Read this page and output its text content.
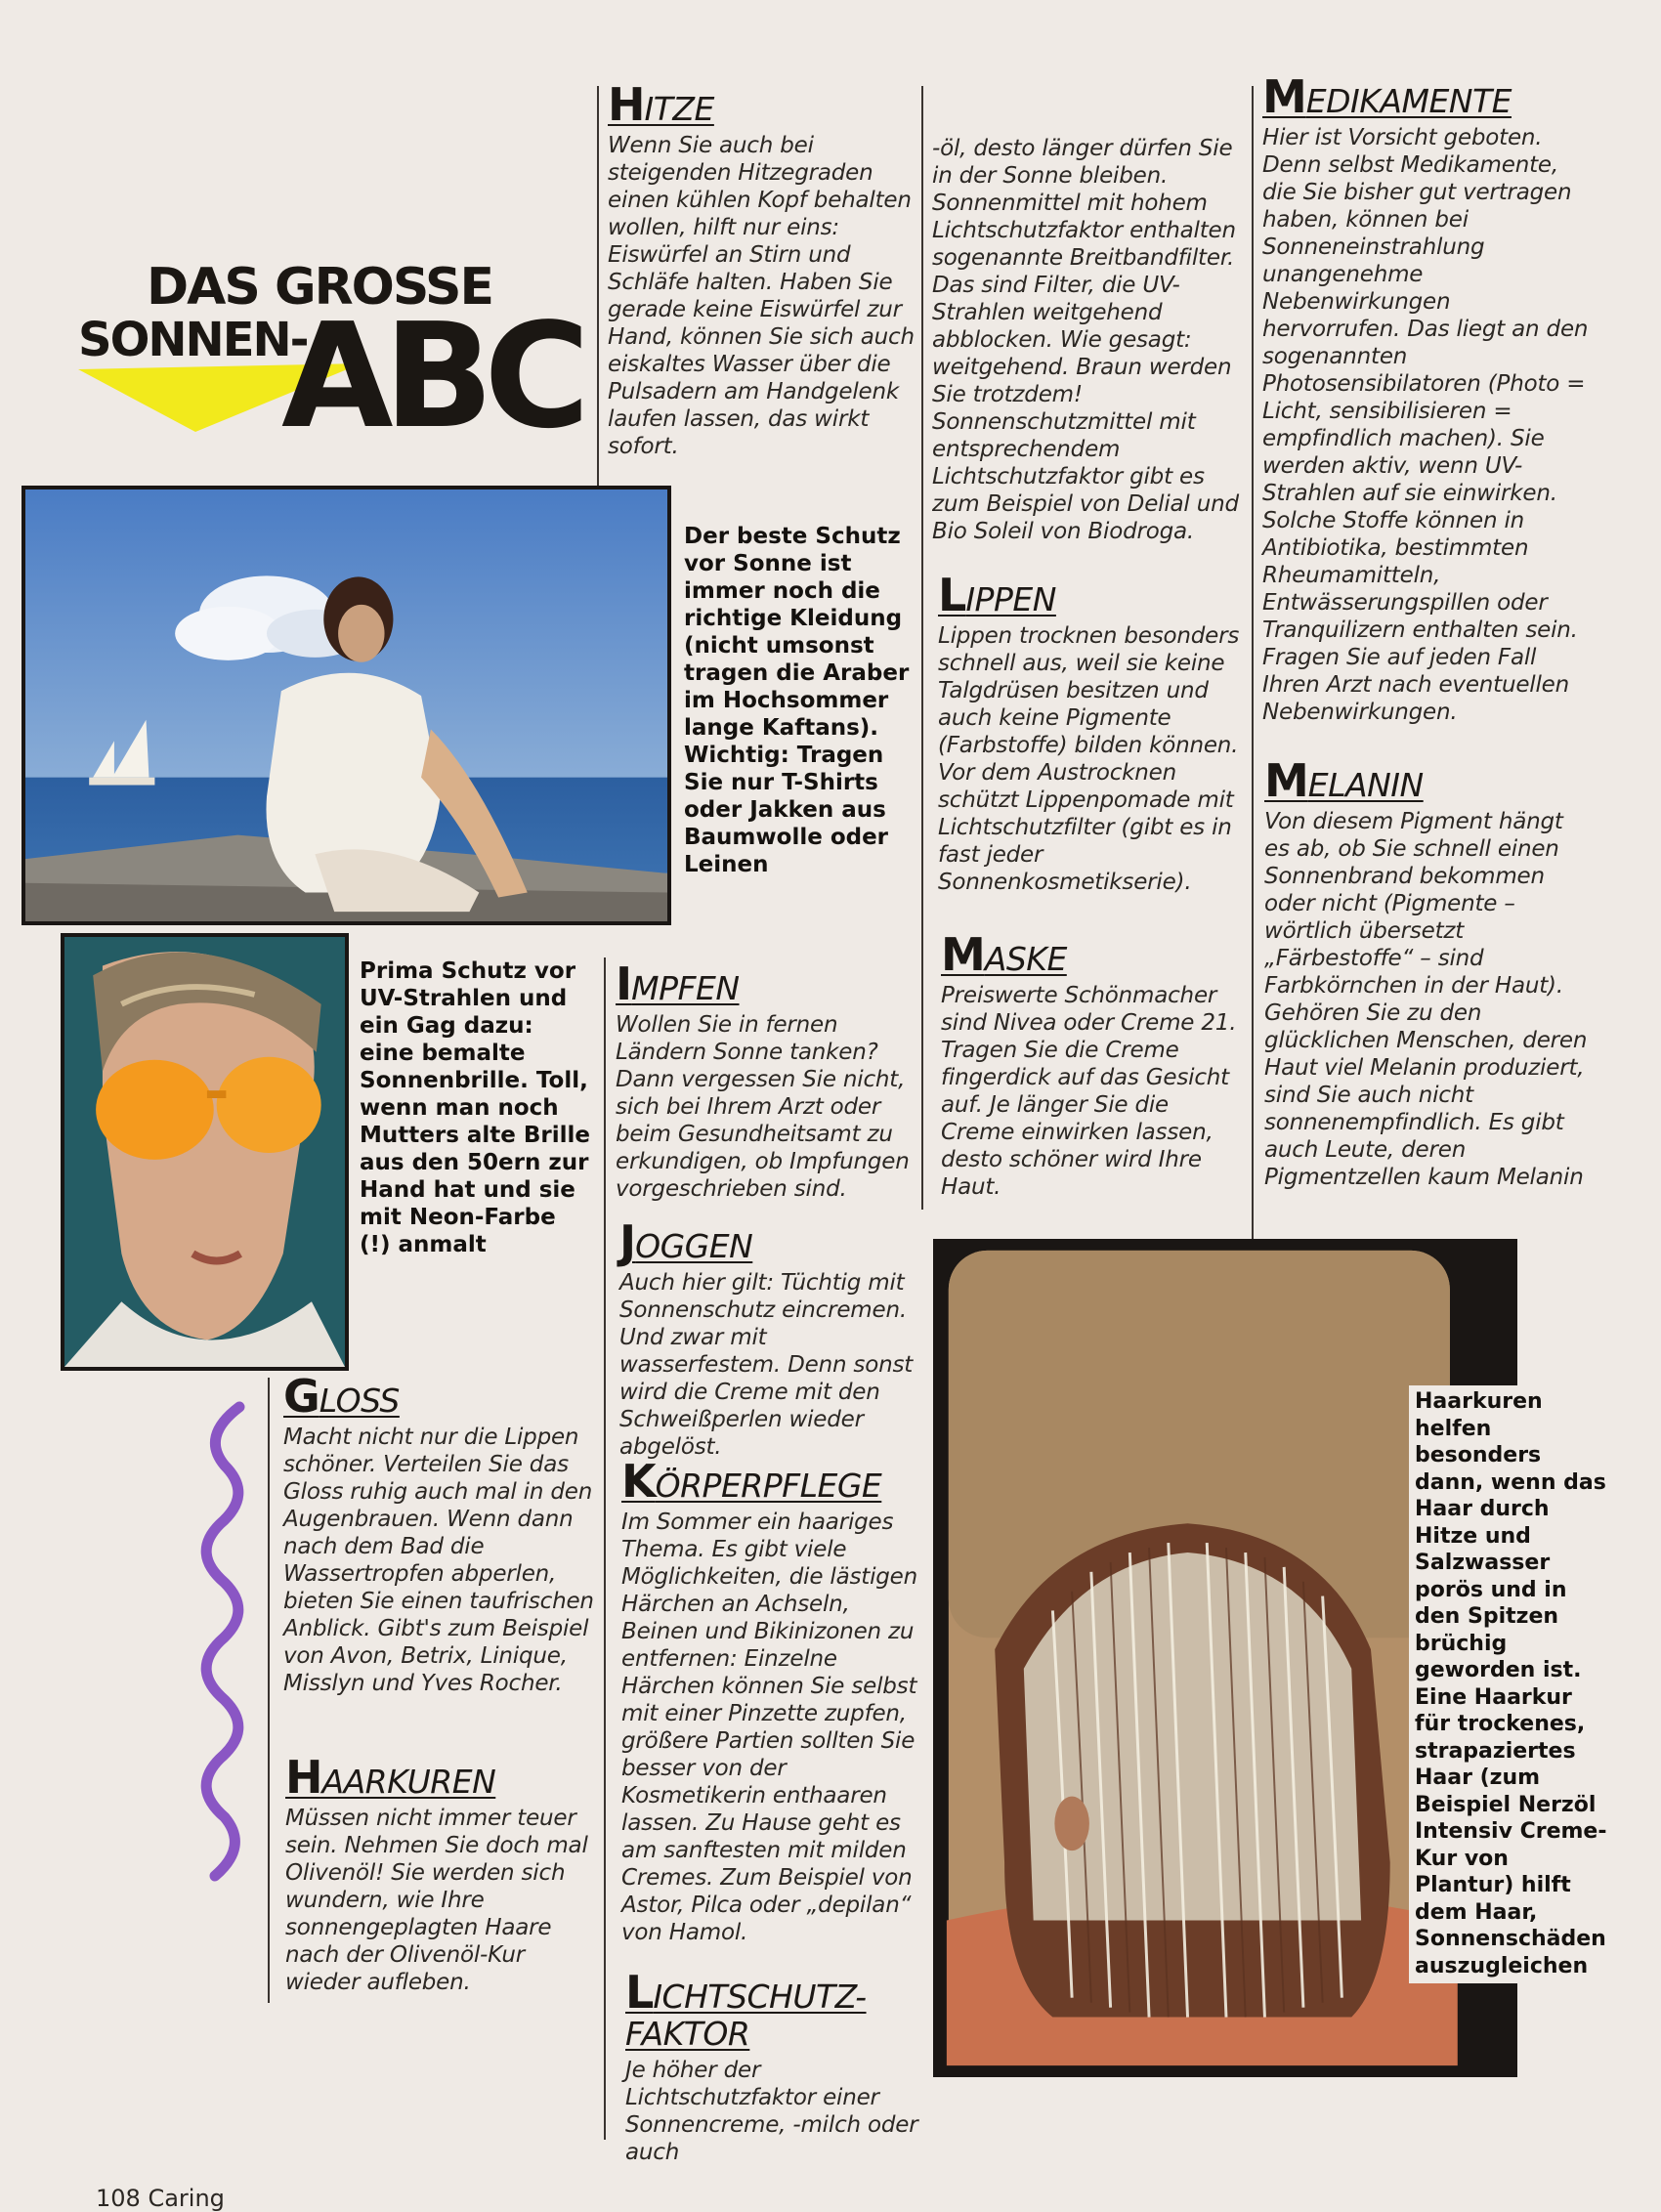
DAS GROSSE
SONNEN-
ABC
HITZE

Wenn Sie auch bei steigenden Hitzegraden einen kühlen Kopf behalten wollen, hilft nur eins: Eiswürfel an Stirn und Schläfe halten. Haben Sie gerade keine Eiswürfel zur Hand, können Sie sich auch eiskaltes Wasser über die Pulsadern am Handgelenk laufen lassen, das wirkt sofort.

-öl, desto länger dürfen Sie in der Sonne bleiben. Sonnenmittel mit hohem Lichtschutzfaktor enthalten sogenannte Breitbandfilter. Das sind Filter, die UV-Strahlen weitgehend abblocken. Wie gesagt: weitgehend. Braun werden Sie trotzdem! Sonnenschutzmittel mit entsprechendem Lichtschutzfaktor gibt es zum Beispiel von Delial und Bio Soleil von Biodroga.

LIPPEN

Lippen trocknen besonders schnell aus, weil sie keine Talgdrüsen besitzen und auch keine Pigmente (Farbstoffe) bilden können. Vor dem Austrocknen schützt Lippenpomade mit Lichtschutzfilter (gibt es in fast jeder Sonnenkosmetikserie).

MASKE

Preiswerte Schönmacher sind Nivea oder Creme 21. Tragen Sie die Creme fingerdick auf das Gesicht auf. Je länger Sie die Creme einwirken lassen, desto schöner wird Ihre Haut.

MEDIKAMENTE

Hier ist Vorsicht geboten. Denn selbst Medikamente, die Sie bisher gut vertragen haben, können bei Sonneneinstrahlung unangenehme Nebenwirkungen hervorrufen. Das liegt an den sogenannten Photosensibilatoren (Photo = Licht, sensibilisieren = empfindlich machen). Sie werden aktiv, wenn UV-Strahlen auf sie einwirken. Solche Stoffe können in Antibiotika, bestimmten Rheumamitteln, Entwässerungspillen oder Tranquilizern enthalten sein. Fragen Sie auf jeden Fall Ihren Arzt nach eventuellen Nebenwirkungen.

MELANIN

Von diesem Pigment hängt es ab, ob Sie schnell einen Sonnenbrand bekommen oder nicht (Pigmente – wörtlich übersetzt „Färbestoffe“ – sind Farbkörnchen in der Haut). Gehören Sie zu den glücklichen Menschen, deren Haut viel Melanin produziert, sind Sie auch nicht sonnenempfindlich. Es gibt auch Leute, deren Pigmentzellen kaum Melanin

Der beste Schutz vor Sonne ist immer noch die richtige Kleidung (nicht umsonst tragen die Araber im Hochsommer lange Kaftans). Wichtig: Tragen Sie nur T-Shirts oder Jakken aus Baumwolle oder Leinen
Prima Schutz vor UV-Strahlen und ein Gag dazu: eine bemalte Sonnenbrille. Toll, wenn man noch Mutters alte Brille aus den 50ern zur Hand hat und sie mit Neon-Farbe (!) anmalt
IMPFEN

Wollen Sie in fernen Ländern Sonne tanken? Dann vergessen Sie nicht, sich bei Ihrem Arzt oder beim Gesundheitsamt zu erkundigen, ob Impfungen vorgeschrieben sind.

JOGGEN

Auch hier gilt: Tüchtig mit Sonnenschutz eincremen. Und zwar mit wasserfestem. Denn sonst wird die Creme mit den Schweißperlen wieder abgelöst.

KÖRPERPFLEGE

Im Sommer ein haariges Thema. Es gibt viele Möglichkeiten, die lästigen Härchen an Achseln, Beinen und Bikinizonen zu entfernen: Einzelne Härchen können Sie selbst mit einer Pinzette zupfen, größere Partien sollten Sie besser von der Kosmetikerin enthaaren lassen. Zu Hause geht es am sanftesten mit milden Cremes. Zum Beispiel von Astor, Pilca oder „depilan“ von Hamol.

LICHTSCHUTZ-
FAKTOR

Je höher der Lichtschutzfaktor einer Sonnencreme, -milch oder auch

GLOSS

Macht nicht nur die Lippen schöner. Verteilen Sie das Gloss ruhig auch mal in den Augenbrauen. Wenn dann nach dem Bad die Wassertropfen abperlen, bieten Sie einen taufrischen Anblick. Gibt's zum Beispiel von Avon, Betrix, Linique, Misslyn und Yves Rocher.

HAARKUREN

Müssen nicht immer teuer sein. Nehmen Sie doch mal Olivenöl! Sie werden sich wundern, wie Ihre sonnengeplagten Haare nach der Olivenöl-Kur wieder aufleben.

Haarkuren helfen besonders dann, wenn das Haar durch Hitze und Salzwasser porös und in den Spitzen brüchig geworden ist. Eine Haarkur für trockenes, strapaziertes Haar (zum Beispiel Nerzöl Intensiv Creme-Kur von Plantur) hilft dem Haar, Sonnenschäden auszugleichen
108 Caring
